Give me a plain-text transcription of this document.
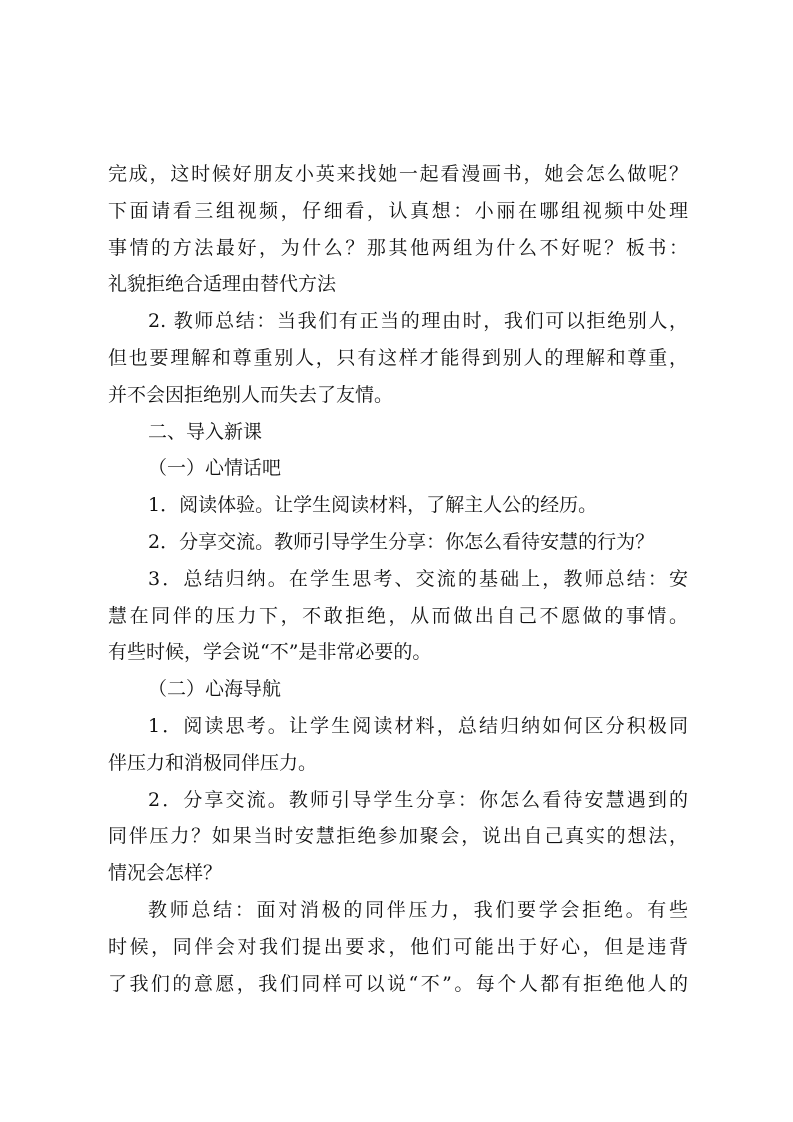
完成，这时候好朋友小英来找她一起看漫画书，她会怎么做呢？
下面请看三组视频，仔细看，认真想：小丽在哪组视频中处理
事情的方法最好，为什么？那其他两组为什么不好呢？板书：
礼貌拒绝合适理由替代方法
2. 教师总结：当我们有正当的理由时，我们可以拒绝别人，
但也要理解和尊重别人，只有这样才能得到别人的理解和尊重，
并不会因拒绝别人而失去了友情。
二、导入新课
（一）心情话吧
1．阅读体验。让学生阅读材料，了解主人公的经历。
2．分享交流。教师引导学生分享：你怎么看待安慧的行为？
3．总结归纳。在学生思考、交流的基础上，教师总结：安
慧在同伴的压力下，不敢拒绝，从而做出自己不愿做的事情。
有些时候，学会说“不”是非常必要的。
（二）心海导航
1．阅读思考。让学生阅读材料，总结归纳如何区分积极同
伴压力和消极同伴压力。
2．分享交流。教师引导学生分享：你怎么看待安慧遇到的
同伴压力？如果当时安慧拒绝参加聚会，说出自己真实的想法，
情况会怎样？
教师总结：面对消极的同伴压力，我们要学会拒绝。有些
时候，同伴会对我们提出要求，他们可能出于好心，但是违背
了我们的意愿，我们同样可以说“不”。每个人都有拒绝他人的
